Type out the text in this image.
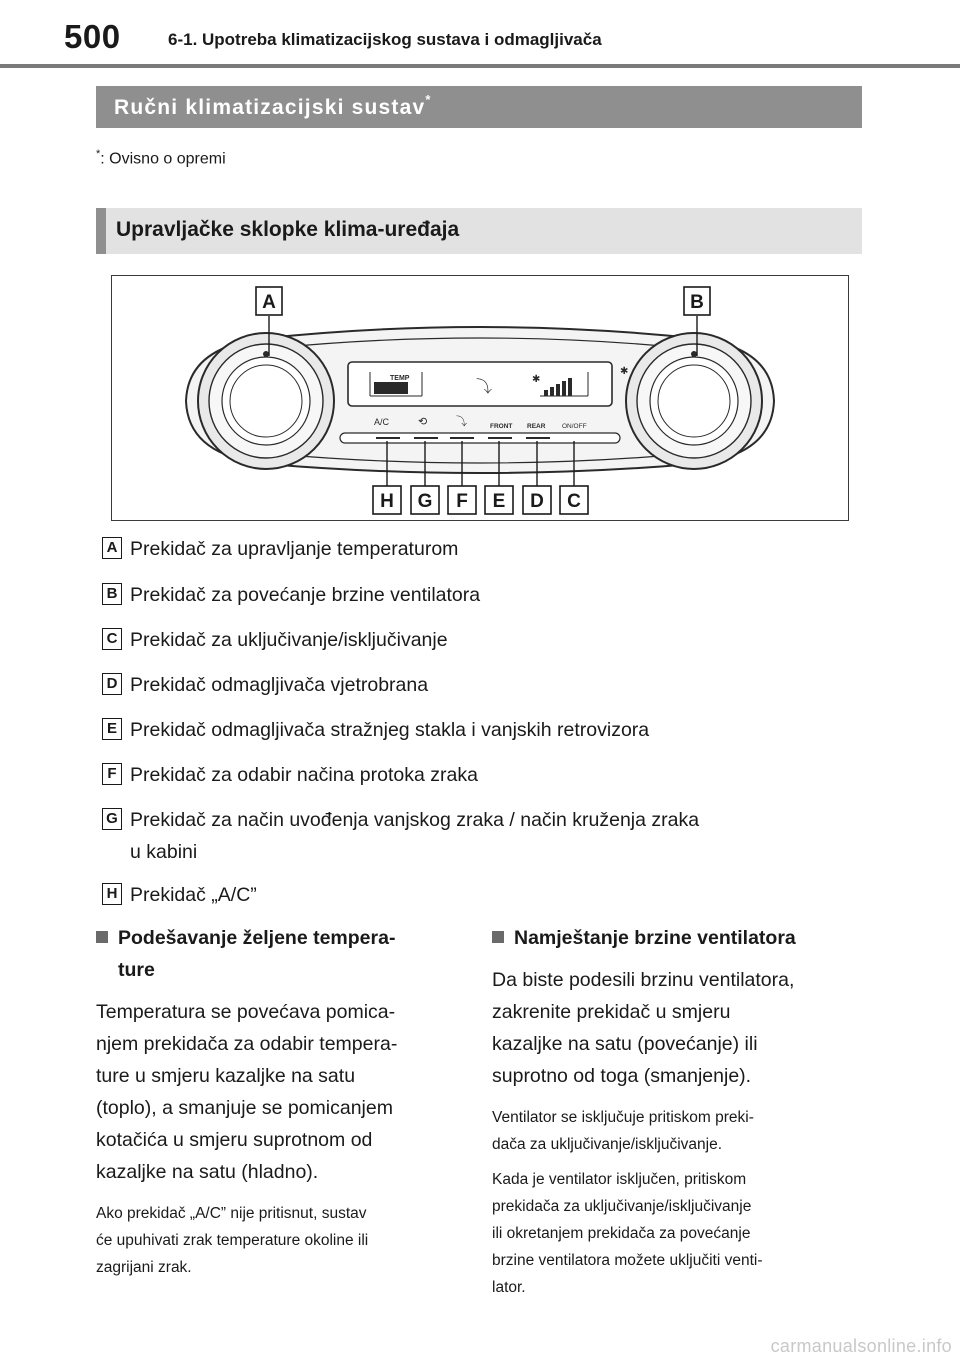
500	6-1. Upotreba klimatizacijskog sustava i odmagljivača
Ručni klimatizacijski sustav*
*: Ovisno o opremi
Upravljačke sklopke klima-uređaja
✱
TEMP
⤵	✱
A/C	⟲	⤵	FRONT REAR	ON/OFF
A	B
H G F E D C
A Prekidač za upravljanje temperaturom
B Prekidač za povećanje brzine ventilatora
C Prekidač za uključivanje/isključivanje
D Prekidač odmagljivača vjetrobrana
E Prekidač odmagljivača stražnjeg stakla i vanjskih retrovizora
F Prekidač za odabir načina protoka zraka
G Prekidač za način uvođenja vanjskog zraka / način kruženja zraka
u kabini
H Prekidač „A/C”
Podešavanje željene tempera-
ture
Temperatura se povećava pomica-
njem prekidača za odabir tempera-
ture u smjeru kazaljke na satu
(toplo), a smanjuje se pomicanjem
kotačića u smjeru suprotnom od
kazaljke na satu (hladno).
Ako prekidač „A/C” nije pritisnut, sustav
će upuhivati zrak temperature okoline ili
zagrijani zrak.
Namještanje brzine ventilatora
Da biste podesili brzinu ventilatora,
zakrenite prekidač u smjeru
kazaljke na satu (povećanje) ili
suprotno od toga (smanjenje).
Ventilator se isključuje pritiskom preki-
dača za uključivanje/isključivanje.
Kada je ventilator isključen, pritiskom
prekidača za uključivanje/isključivanje
ili okretanjem prekidača za povećanje
brzine ventilatora možete uključiti venti-
lator.
carmanualsonline.info
